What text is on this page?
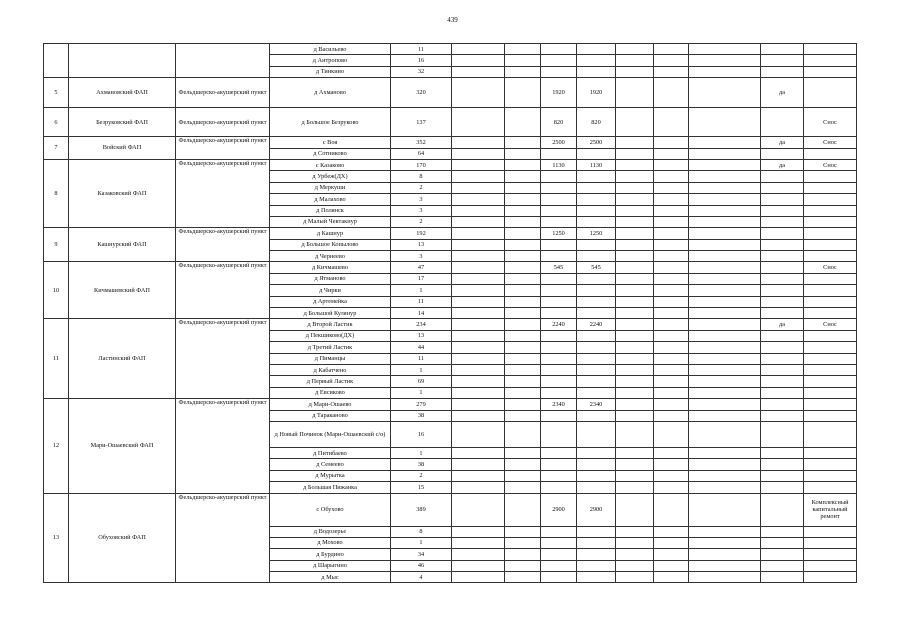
439
			д Васильево	11									
			д Антропово	16									
			д Тинкино	32									
5	Ахмановский ФАП	Фельдшерско-акушерский пункт	д Ахманово	320			1920	1920				да	
6	Безруковский ФАП	Фельдшерско-акушерский пункт	д Большое Безруково	137			820	820					Снос
7	Войский ФАП	Фельдшерско-акушерский пункт	с Воя	352			2500	2500				да	Снос
			д Сотниково	64									
8	Казаковский ФАП	Фельдшерско-акушерский пункт	с Казаково	170			1130	1130				да	Снос
			д Урбеж(ДХ)	8									
			д Меркуши	2									
			д Малахово	3									
			д Полянск	3									
			д Малый Чектакнур	2									
9	Кашнурский ФАП	Фельдшерско-акушерский пункт	д Кашнур	192			1250	1250					
			д Большое Копылово	13									
			д Чернеево	3									
10	Кичмашевский ФАП	Фельдшерско-акушерский пункт	д Кичмашево	47			545	545					Снос
			д Ятманово	17									
			д Чирки	1									
			д Артемейка	11									
			д Большой Кулянур	14									
11	Ластинский ФАП	Фельдшерско-акушерский пункт	д Второй Ластик	234			2240	2240				да	Снос
			д Пекшиково(ДХ)	13									
			д Третий Ластик	44									
			д Пиманцы	11									
			д Кабатчено	1									
			д Первый Ластик	69									
			д Евсиково	1									
12	Мари-Ошаевский ФАП	Фельдшерско-акушерский пункт	д Мари-Ошаево	279			2340	2340					
			д Тараканово	38									
			д Новый Починок (Мари-Ошаевский с/о)	16									
			д Питибаево	1									
			д Семеево	38									
			д Мурытка	2									
			д Большая Пижанка	15									
13	Обуховский ФАП	Фельдшерско-акушерский пункт	с Обухово	389			2900	2900					Комплексный капитальный ремонт
			д Водозерье	8									
			д Мохово	1									
			д Бурдино	34									
			д Шарыгино	46									
			д Мыс	4									
